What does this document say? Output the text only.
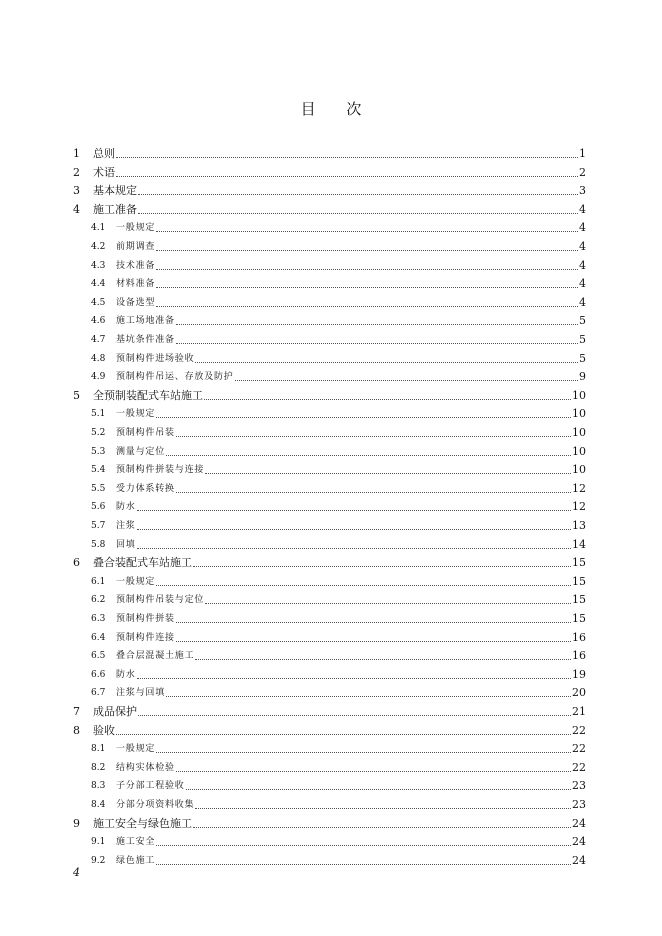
目 次
1	总则	1
2	术语	2
3	基本规定	3
4	施工准备	4
4.1	一般规定	4
4.2	前期调查	4
4.3	技术准备	4
4.4	材料准备	4
4.5	设备选型	4
4.6	施工场地准备	5
4.7	基坑条件准备	5
4.8	预制构件进场验收	5
4.9	预制构件吊运、存放及防护	9
5	全预制装配式车站施工	10
5.1	一般规定	10
5.2	预制构件吊装	10
5.3	测量与定位	10
5.4	预制构件拼装与连接	10
5.5	受力体系转换	12
5.6	防水	12
5.7	注浆	13
5.8	回填	14
6	叠合装配式车站施工	15
6.1	一般规定	15
6.2	预制构件吊装与定位	15
6.3	预制构件拼装	15
6.4	预制构件连接	16
6.5	叠合层混凝土施工	16
6.6	防水	19
6.7	注浆与回填	20
7	成品保护	21
8	验收	22
8.1	一般规定	22
8.2	结构实体检验	22
8.3	子分部工程验收	23
8.4	分部分项资料收集	23
9	施工安全与绿色施工	24
9.1	施工安全	24
9.2	绿色施工	24
4
